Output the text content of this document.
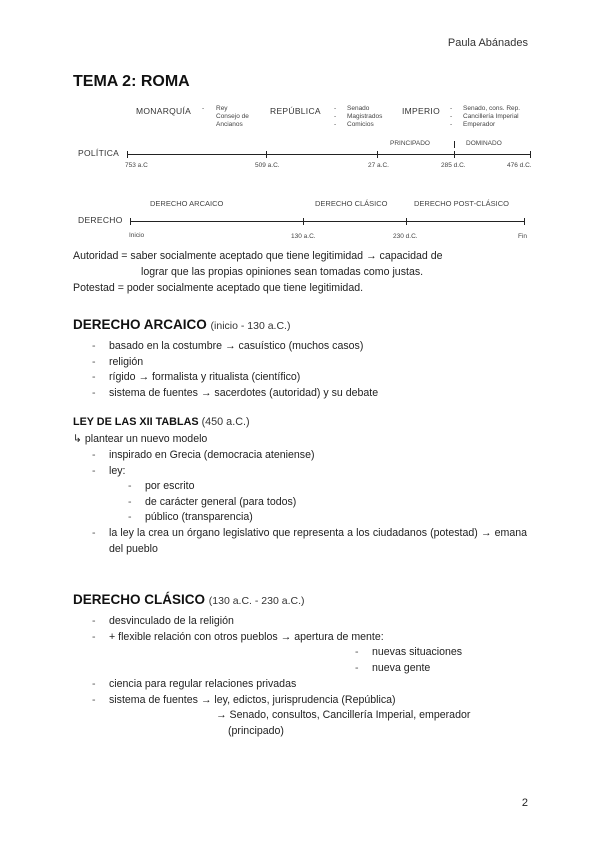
Paula Abánades
TEMA 2: ROMA
MONARQUÍA - Rey
Consejo de
Ancianos
REPÚBLICA -
-
-
Senado
Magistrados
Comicios
IMPERIO -
-
-
Senado, cons. Rep.
Cancillería Imperial
Emperador
PRINCIPADO	DOMINADO
POLÍTICA
753 a.C	509 a.C.	27 a.C.	285 d.C.	476 d.C.
DERECHO ARCAICO	DERECHO CLÁSICO	DERECHO POST-CLÁSICO
DERECHO
Inicio	130 a.C.	230 d.C.	Fin
Autoridad = saber socialmente aceptado que tiene legitimidad → capacidad de
lograr que las propias opiniones sean tomadas como justas.
Potestad = poder socialmente aceptado que tiene legitimidad.
DERECHO ARCAICO (inicio - 130 a.C.)
- basado en la costumbre → casuístico (muchos casos)
- religión
- rígido → formalista y ritualista (científico)
- sistema de fuentes → sacerdotes (autoridad) y su debate
LEY DE LAS XII TABLAS (450 a.C.)
↳ plantear un nuevo modelo
- inspirado en Grecia (democracia ateniense)
- ley:
- por escrito
- de carácter general (para todos)
- público (transparencia)
- la ley la crea un órgano legislativo que representa a los ciudadanos (potestad) → emana del pueblo
DERECHO CLÁSICO (130 a.C. - 230 a.C.)
- desvinculado de la religión
- + flexible relación con otros pueblos → apertura de mente:
- nuevas situaciones
- nueva gente
- ciencia para regular relaciones privadas
- sistema de fuentes → ley, edictos, jurisprudencia (República)
→ Senado, consultos, Cancillería Imperial, emperador
(principado)
2
